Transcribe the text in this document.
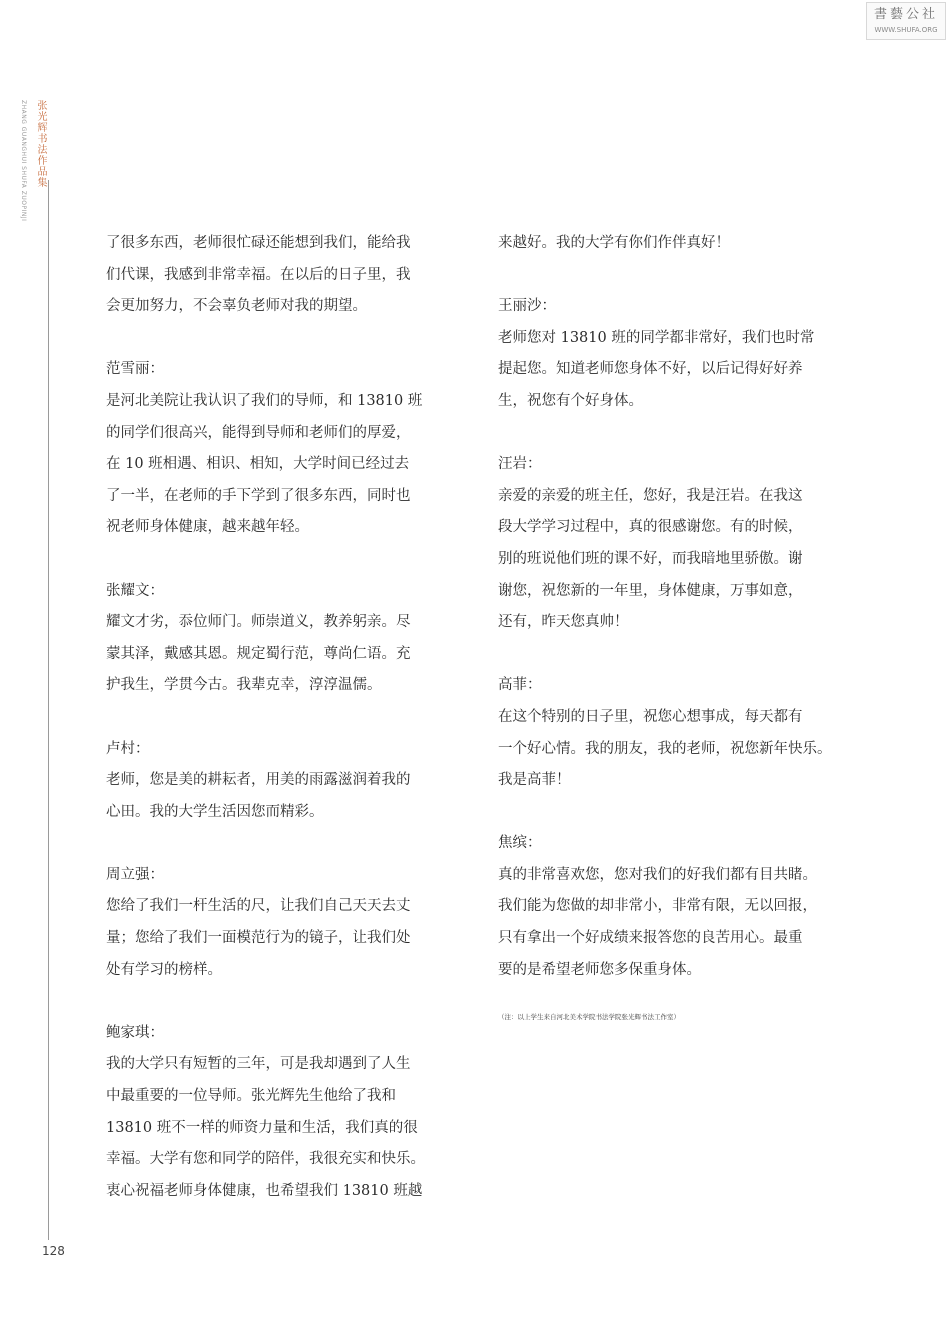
書藝公社
WWW.SHUFA.ORG
张光辉书法作品集
ZHANG GUANGHUI SHUFA ZUOPINJI
了很多东西，老师很忙碌还能想到我们，能给我
们代课，我感到非常幸福。在以后的日子里，我
会更加努力，不会辜负老师对我的期望。
范雪丽：
是河北美院让我认识了我们的导师，和 13810 班
的同学们很高兴，能得到导师和老师们的厚爱，
在 10 班相遇、相识、相知，大学时间已经过去
了一半，在老师的手下学到了很多东西，同时也
祝老师身体健康，越来越年轻。
张耀文：
耀文才劣，忝位师门。师崇道义，教养躬亲。尽
蒙其泽，戴感其恩。规定蜀行范，尊尚仁语。充
护我生，学贯今古。我辈克幸，淳淳温儒。
卢村：
老师，您是美的耕耘者，用美的雨露滋润着我的
心田。我的大学生活因您而精彩。
周立强：
您给了我们一杆生活的尺，让我们自己天天去丈
量；您给了我们一面模范行为的镜子，让我们处
处有学习的榜样。
鲍家琪：
我的大学只有短暂的三年，可是我却遇到了人生
中最重要的一位导师。张光辉先生他给了我和
13810 班不一样的师资力量和生活，我们真的很
幸福。大学有您和同学的陪伴，我很充实和快乐。
衷心祝福老师身体健康，也希望我们 13810 班越
来越好。我的大学有你们作伴真好！
王丽沙：
老师您对 13810 班的同学都非常好，我们也时常
提起您。知道老师您身体不好，以后记得好好养
生，祝您有个好身体。
汪岩：
亲爱的亲爱的班主任，您好，我是汪岩。在我这
段大学学习过程中，真的很感谢您。有的时候，
别的班说他们班的课不好，而我暗地里骄傲。谢
谢您，祝您新的一年里，身体健康，万事如意，
还有，昨天您真帅！
高菲：
在这个特别的日子里，祝您心想事成，每天都有
一个好心情。我的朋友，我的老师，祝您新年快乐。
我是高菲！
焦缤：
真的非常喜欢您，您对我们的好我们都有目共睹。
我们能为您做的却非常小，非常有限，无以回报，
只有拿出一个好成绩来报答您的良苦用心。最重
要的是希望老师您多保重身体。
（注：以上学生来自河北美术学院书法学院张光辉书法工作室）
128
